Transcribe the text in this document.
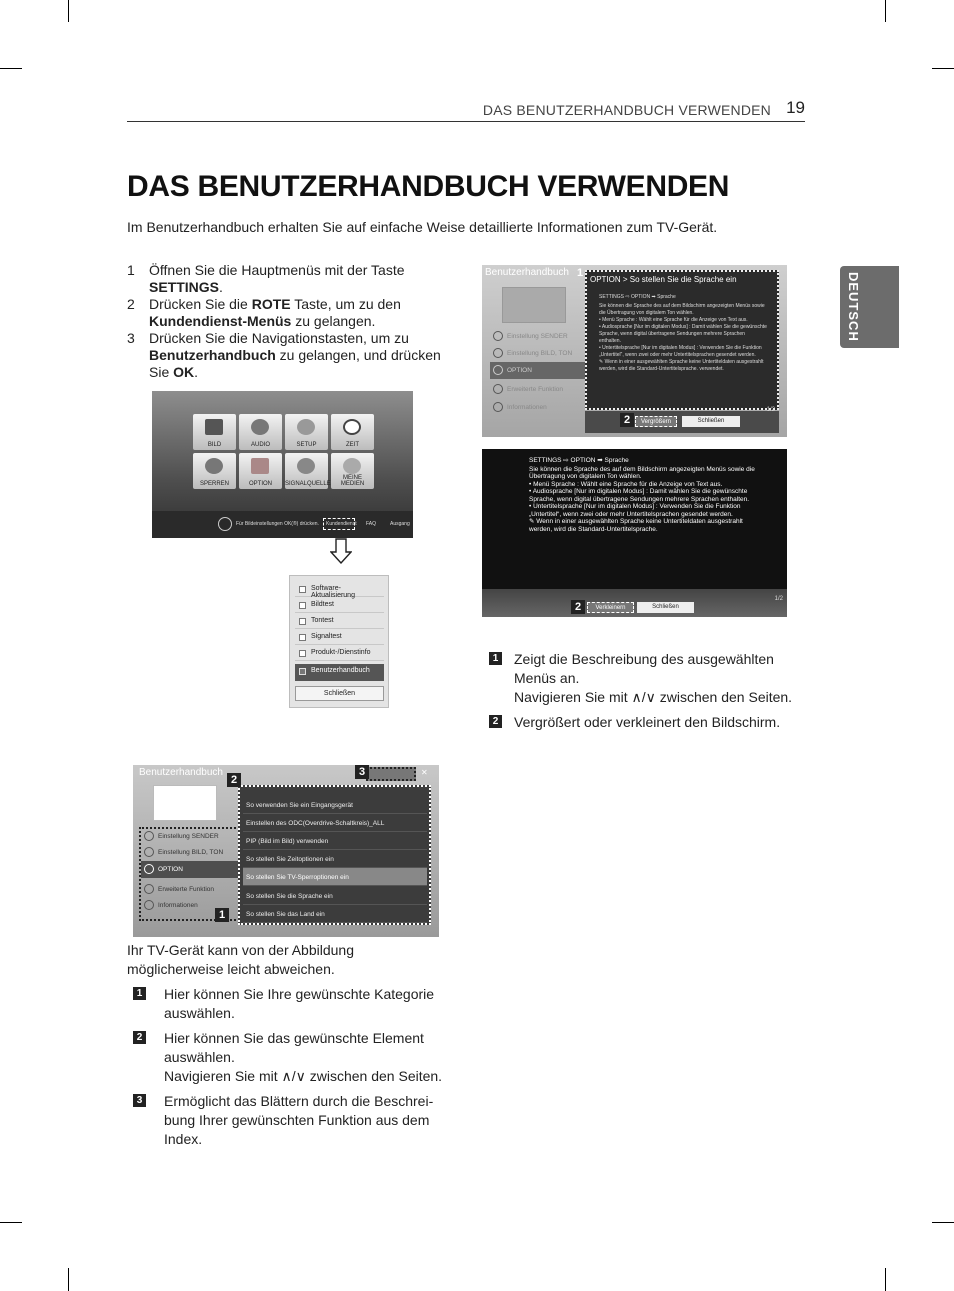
DAS BENUTZERHANDBUCH VERWENDEN 19
DEUTSCH
DAS BENUTZERHANDBUCH VERWENDEN
Im Benutzerhandbuch erhalten Sie auf einfache Weise detaillierte Informationen zum TV-Gerät.
1 Öffnen Sie die Hauptmenüs mit der Taste SETTINGS.
2 Drücken Sie die ROTE Taste, um zu den Kundendienst-Menüs zu gelangen.
3 Drücken Sie die Navigationstasten, um zu Benutzerhandbuch zu gelangen, und drücken Sie OK.
BILD	AUDIO	SETUP	ZEIT
SPERREN	OPTION	SIGNALQUELLE
MEINE MEDIEN
Für Bildeinstellungen OK(®) drücken. Kundendienst FAQ	Ausgang
Software-Aktualisierung
Bildtest
Tontest
Signaltest
Produkt-/Dienstinfo
Benutzerhandbuch
Schließen
Benutzerhandbuch
Einstellung SENDER
Einstellung BILD, TON
OPTION
Erweiterte Funktion
Informationen
So verwenden Sie ein Eingangsgerät
Einstellen des ODC(Overdrive-Schaltkreis)_ALL
PIP (Bild im Bild) verwenden
So stellen Sie Zeitoptionen ein
So stellen Sie TV-Sperroptionen ein
So stellen Sie die Sprache ein
So stellen Sie das Land ein
✕
1
2
3
Ihr TV-Gerät kann von der Abbildung möglicherweise leicht abweichen.
1 Hier können Sie Ihre gewünschte Kategorie
auswählen.
2 Hier können Sie das gewünschte Element
auswählen.
Navigieren Sie mit ∧/∨ zwischen den Seiten.
3 Ermöglicht das Blättern durch die Beschrei-
bung Ihrer gewünschten Funktion aus dem
Index.
Benutzerhandbuch
Einstellung SENDER
Einstellung BILD, TON
OPTION
Erweiterte Funktion
Informationen
OPTION > So stellen Sie die Sprache ein
SETTINGS ⇨ OPTION ➡ Sprache
Sie können die Sprache des auf dem Bildschirm angezeigten Menüs sowie die Übertragung von digitalem Ton wählen.
• Menü Sprache : Wählt eine Sprache für die Anzeige von Text aus.
• Audiosprache [Nur im digitalen Modus] : Damit wählen Sie die gewünschte Sprache, wenn digital übertragene Sendungen mehrere Sprachen enthalten.
• Untertitelsprache [Nur im digitalen Modus] : Verwenden Sie die Funktion „Untertitel“, wenn zwei oder mehr Untertitelsprachen gesendet werden.
✎ Wenn in einer ausgewählten Sprache keine Untertiteldaten ausgestrahlt werden, wird die Standard-Untertitelsprache. verwendet.
Vergrößern	Schließen
1/2
1
2
SETTINGS ⇨ OPTION ➡ Sprache
Sie können die Sprache des auf dem Bildschirm angezeigten Menüs sowie die Übertragung von digitalem Ton wählen.
• Menü Sprache : Wählt eine Sprache für die Anzeige von Text aus.
• Audiosprache [Nur im digitalen Modus] : Damit wählen Sie die gewünschte Sprache, wenn digital übertragene Sendungen mehrere Sprachen enthalten.
• Untertitelsprache [Nur im digitalen Modus] : Verwenden Sie die Funktion „Untertitel“, wenn zwei oder mehr Untertitelsprachen gesendet werden.
✎ Wenn in einer ausgewählten Sprache keine Untertiteldaten ausgestrahlt werden, wird die Standard-Untertitelsprache.
Verkleinern	Schließen
1/2
2
1 Zeigt die Beschreibung des ausgewählten
Menüs an.
Navigieren Sie mit ∧/∨ zwischen den Seiten.
2 Vergrößert oder verkleinert den Bildschirm.
